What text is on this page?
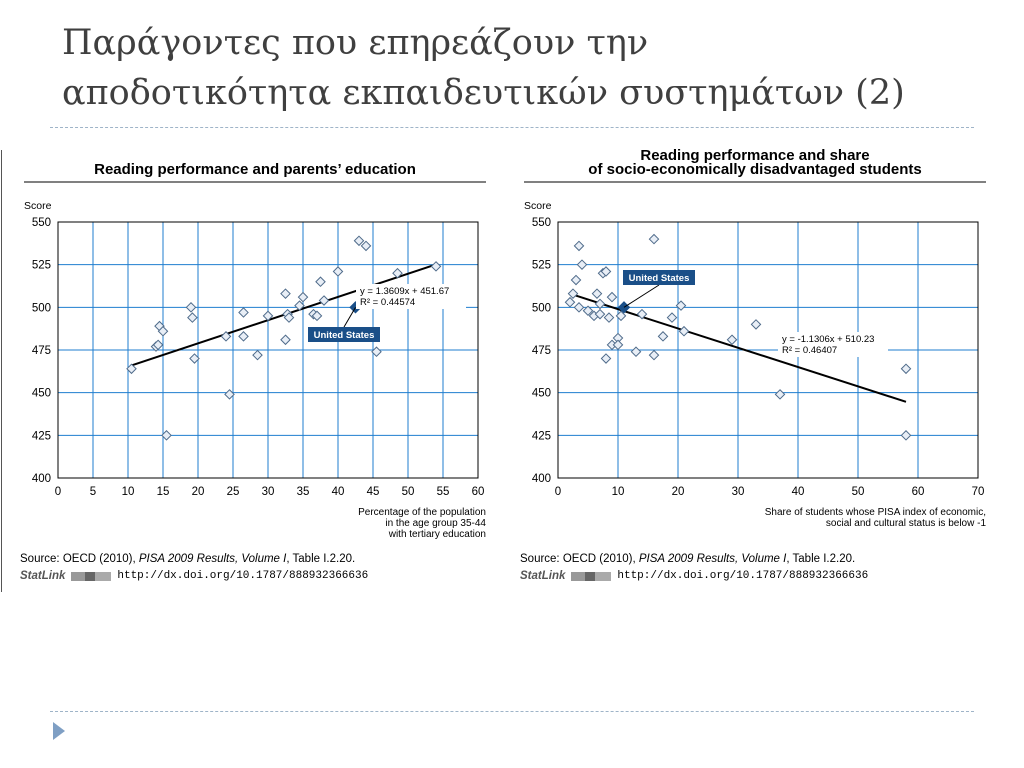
Παράγοντες που επηρεάζουν την
αποδοτικότητα εκπαιδευτικών συστημάτων (2)
Reading performance and parents’ education
Score
400
425
450
475
500
525
550
0 5 10 15 20 25 30 35 40 45 50 55 60
Percentage of the population
in the age group 35-44
with tertiary education
United States
y = 1.3609x + 451.67
R² = 0.44574
Source: OECD (2010), PISA 2009 Results, Volume I, Table I.2.20.
StatLink	http://dx.doi.org/10.1787/888932366636
Reading performance and share
of socio-economically disadvantaged students
Score
400
425
450
475
500
525
550
0	10	20	30	40	50	60	70
Share of students whose PISA index of economic,
social and cultural status is below -1
United States
y = -1.1306x + 510.23
R² = 0.46407
Source: OECD (2010), PISA 2009 Results, Volume I, Table I.2.20.
StatLink	http://dx.doi.org/10.1787/888932366636
